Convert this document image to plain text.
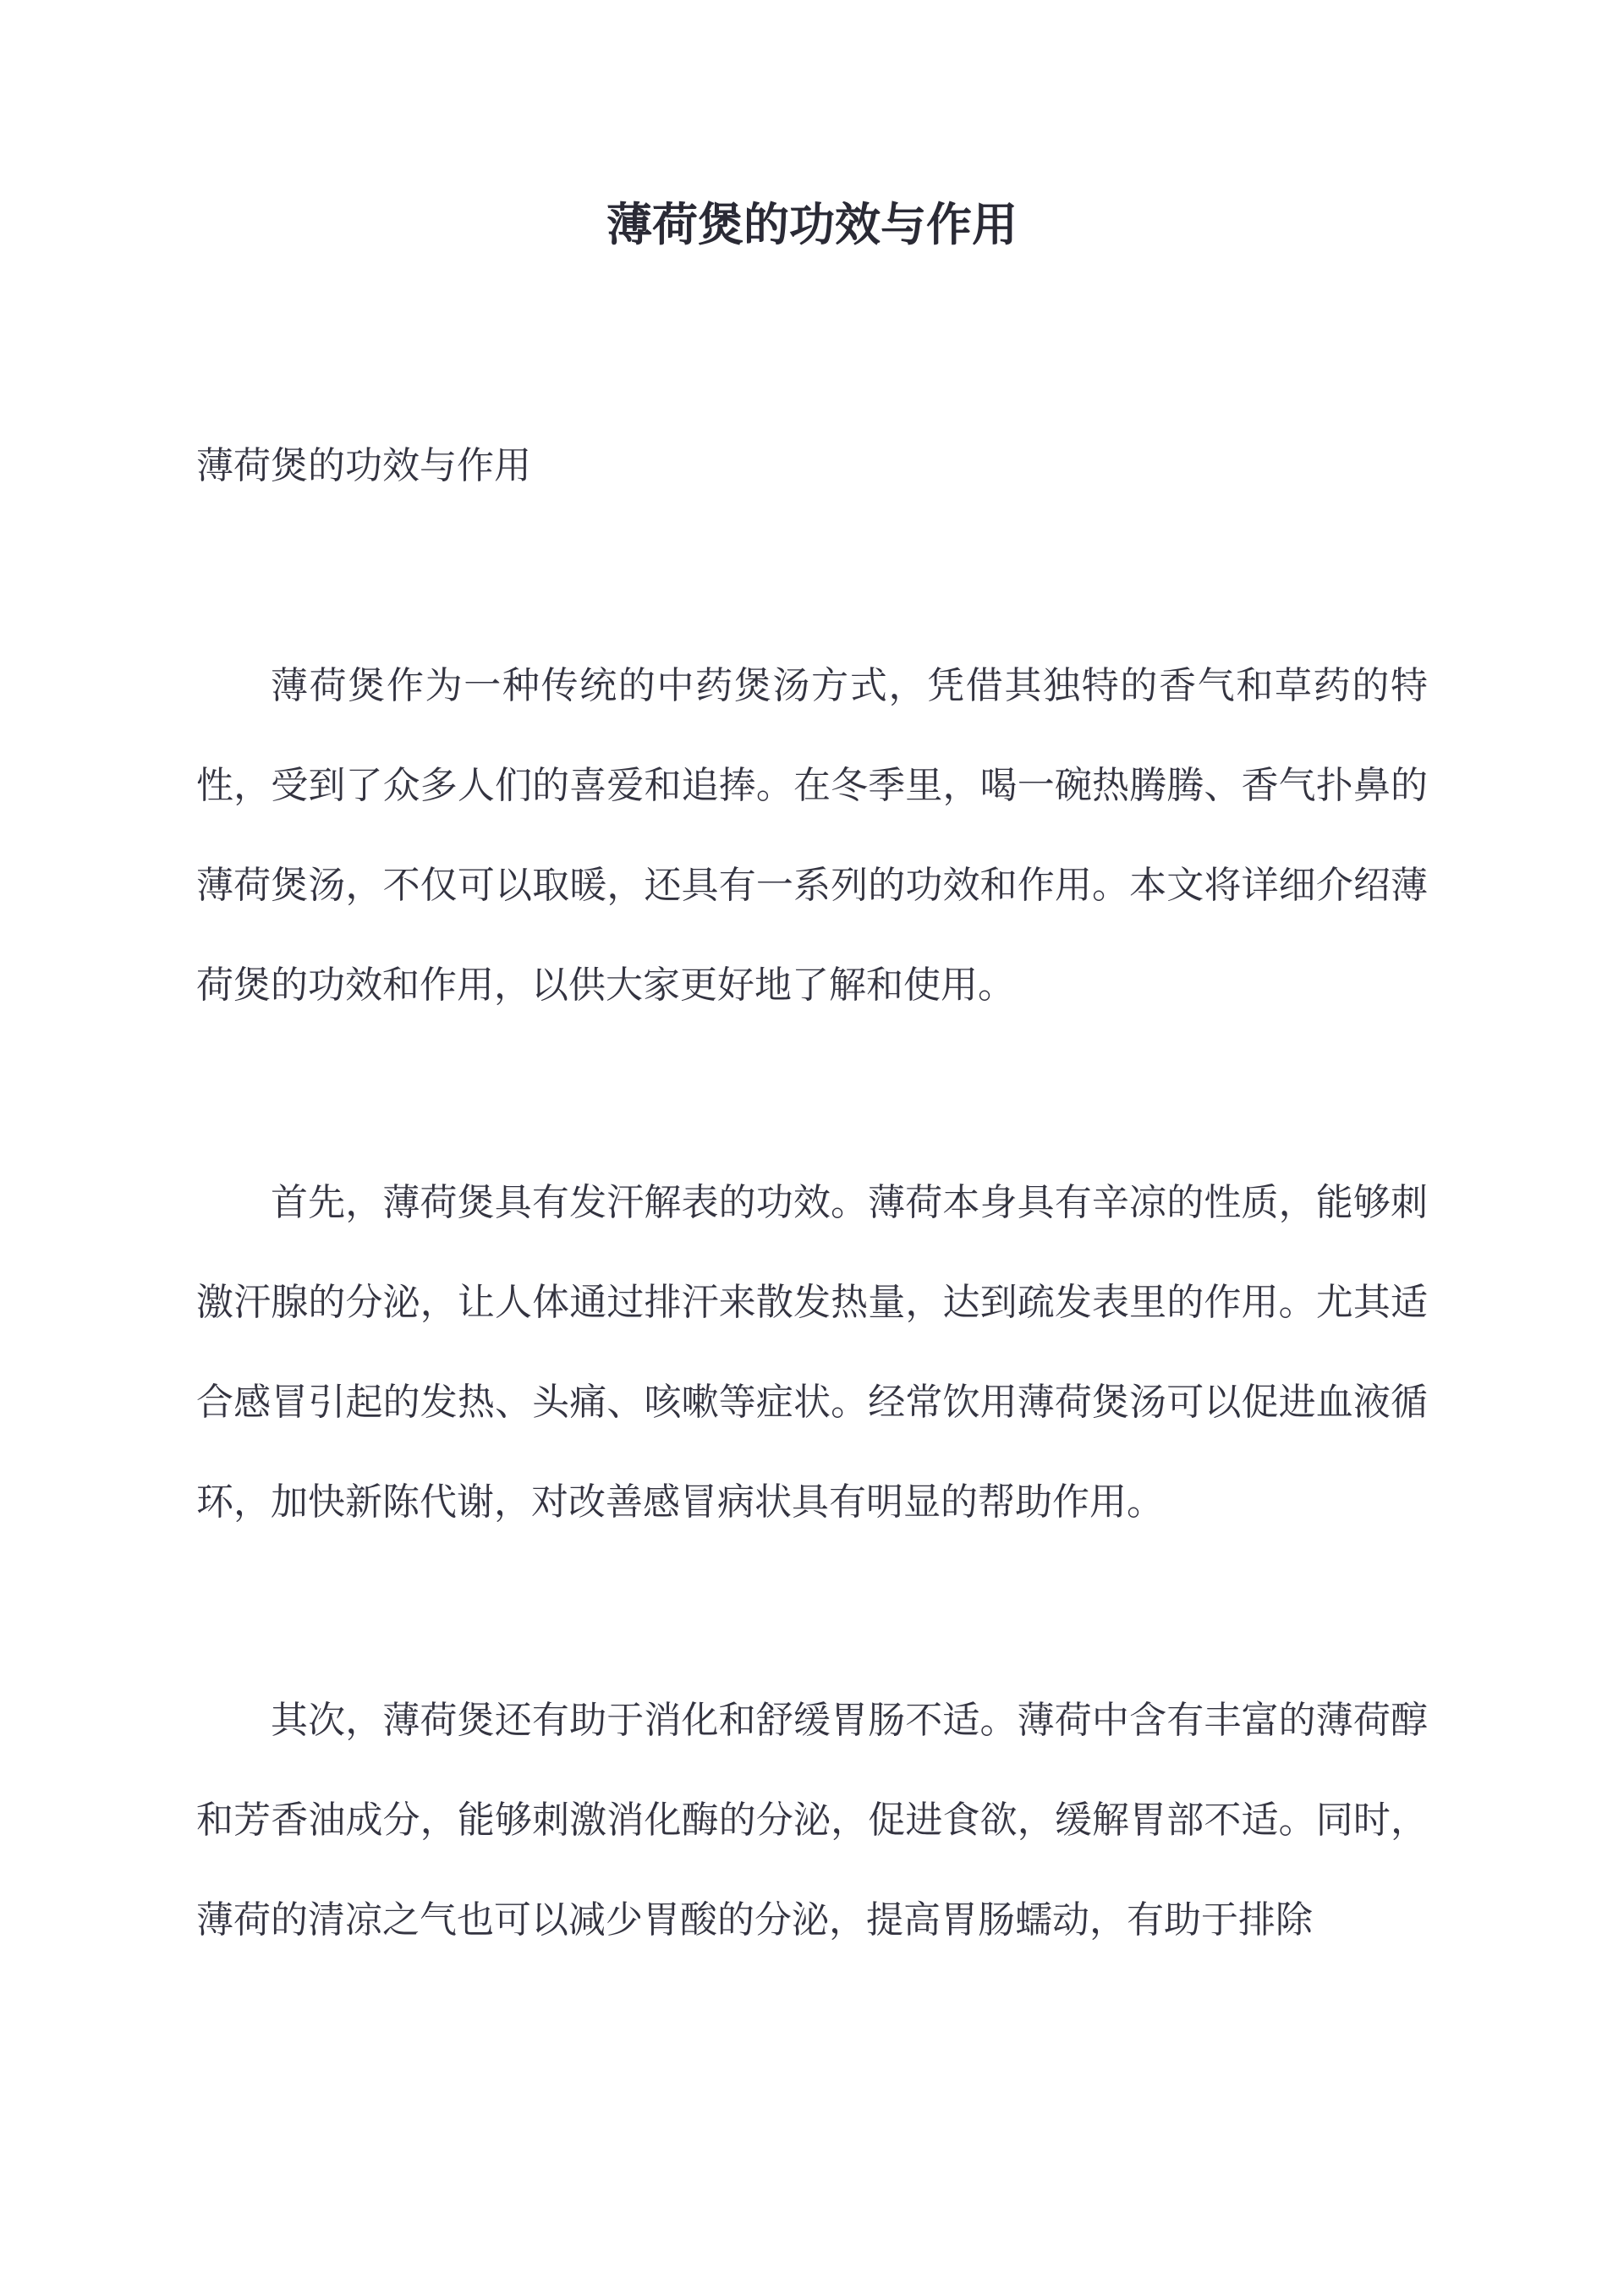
薄荷煲的功效与作用

薄荷煲的功效与作用

薄荷煲作为一种传统的中药煲汤方式，凭借其独特的香气和草药的特性，受到了众多人们的喜爱和追捧。在冬季里，喝一碗热腾腾、香气扑鼻的薄荷煲汤，不仅可以取暖，还具有一系列的功效和作用。本文将详细介绍薄荷煲的功效和作用，以供大家更好地了解和使用。

首先，薄荷煲具有发汗解表的功效。薄荷本身具有辛凉的性质，能够刺激汗腺的分泌，让人体通过排汗来散发热量，达到疏发表里的作用。尤其适合感冒引起的发热、头痛、咳嗽等症状。经常饮用薄荷煲汤可以促进血液循环，加快新陈代谢，对改善感冒病状具有明显的帮助作用。

其次，薄荷煲还有助于消化和舒缓胃肠不适。薄荷中含有丰富的薄荷醇和芳香油成分，能够刺激消化酶的分泌，促进食欲，缓解胃部不适。同时，薄荷的清凉之气也可以减少胃酸的分泌，提高胃肠蠕动，有助于排除
